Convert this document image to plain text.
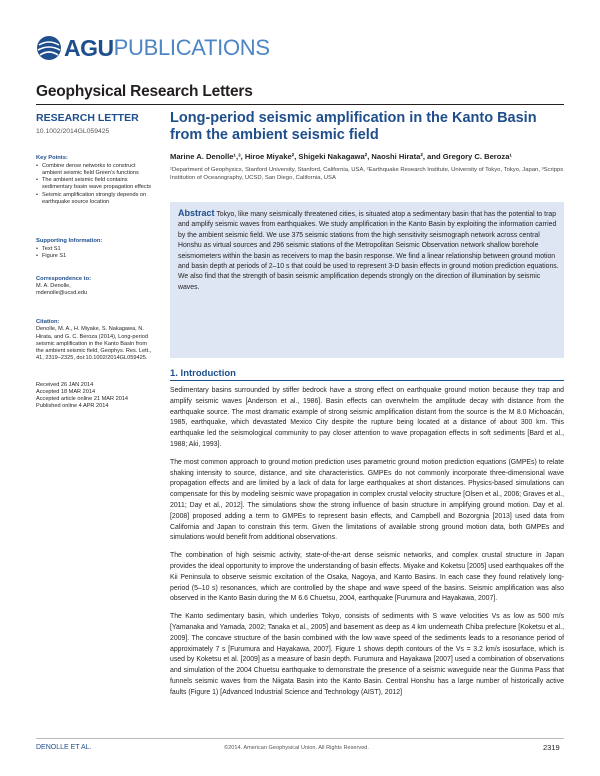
AGU PUBLICATIONS
Geophysical Research Letters
RESEARCH LETTER
10.1002/2014GL059425
Key Points:
• Combine dense networks to construct ambient seismic field Green's functions
• The ambient seismic field contains sedimentary basin wave propagation effects
• Seismic amplification strongly depends on earthquake source location
Supporting Information:
• Text S1
• Figure S1
Correspondence to:

M. A. Denolle,

mdenolle@ucsd.edu

Citation:

Denolle, M. A., H. Miyake, S. Nakagawa, N. Hirata, and G. C. Beroza (2014), Long-period seismic amplification in the Kanto Basin from the ambient seismic field, Geophys. Res. Lett., 41, 2319–2325, doi:10.1002/2014GL059425.

Received 26 JAN 2014

Accepted 18 MAR 2014

Accepted article online 21 MAR 2014

Published online 4 APR 2014

Long-period seismic amplification in the Kanto Basin from the ambient seismic field
Marine A. Denolle¹,³, Hiroe Miyake², Shigeki Nakagawa², Naoshi Hirata², and Gregory C. Beroza¹
¹Department of Geophysics, Stanford University, Stanford, California, USA, ²Earthquake Research Institute, University of Tokyo, Tokyo, Japan, ³Scripps Institution of Oceanography, UCSD, San Diego, California, USA
Abstract Tokyo, like many seismically threatened cities, is situated atop a sedimentary basin that has the potential to trap and amplify seismic waves from earthquakes. We study amplification in the Kanto Basin by exploiting the information carried by the ambient seismic field. We use 375 seismic stations from the high sensitivity seismograph network across central Honshu as virtual sources and 296 seismic stations of the Metropolitan Seismic Observation network shallow borehole seismometers within the basin as receivers to map the basin response. We find a linear relationship between ground motion and basin depth at periods of 2–10 s that could be used to represent 3-D basin effects in ground motion prediction equations. We also find that the strength of basin seismic amplification depends strongly on the direction of illumination by seismic waves.
1. Introduction

Sedimentary basins surrounded by stiffer bedrock have a strong effect on earthquake ground motion because they trap and amplify seismic waves [Anderson et al., 1986]. Basin effects can overwhelm the amplitude decay with distance from the earthquake source. The most dramatic example of strong seismic amplification distant from the source is the M 8.0 Michoacán, 1985, earthquake, which devastated Mexico City despite the rupture being located at a distance of about 300 km. This earthquake led the seismological community to pay closer attention to wave propagation effects in soft sediments [Bard et al., 1988; Aki, 1993].

The most common approach to ground motion prediction uses parametric ground motion prediction equations (GMPEs) to relate shaking intensity to source, distance, and site characteristics. GMPEs do not commonly incorporate three-dimensional wave propagation effects and are limited by a lack of data for large earthquakes at short distances. Physics-based simulations can compensate for this by modeling seismic wave propagation in complex crustal velocity structure [Olsen et al., 2006; Graves et al., 2011; Day et al., 2012]. The simulations show the strong influence of basin structure in amplifying ground motion. Day et al. [2008] proposed adding a term to GMPEs to represent basin effects, and Campbell and Bozorgnia [2013] used data from California and Japan to constrain this term. Given the limitations of available strong ground motion data, both GMPEs and simulations would benefit from additional observations.

The combination of high seismic activity, state-of-the-art dense seismic networks, and complex crustal structure in Japan provides the ideal opportunity to improve the understanding of basin effects. Miyake and Koketsu [2005] used earthquakes off the Kii Peninsula to observe seismic excitation of the Osaka, Nagoya, and Kanto Basins. In each case they found relatively long-period (5–10 s) resonances, which are controlled by the shape and wave speed of the basins. Seismic amplification was also observed in the Kanto Basin during the M 6.6 Chuetsu, 2004, earthquake [Furumura and Hayakawa, 2007].

The Kanto sedimentary basin, which underlies Tokyo, consists of sediments with S wave velocities Vs as low as 500 m/s [Yamanaka and Yamada, 2002; Tanaka et al., 2005] and basement as deep as 4 km underneath Chiba prefecture [Koketsu et al., 2009]. The concave structure of the basin combined with the low wave speed of the sediments leads to a resonance period of approximately 7 s [Furumura and Hayakawa, 2007]. Figure 1 shows depth contours of the Vs = 3.2 km/s isosurface, which is used by Koketsu et al. [2009] as a measure of basin depth. Furumura and Hayakawa [2007] used a combination of observations and simulation of the 2004 Chuetsu earthquake to demonstrate the presence of a seismic waveguide near the Gunma Pass that funnels seismic waves from the Niigata Basin into the Kanto Basin. Central Honshu has a large number of historically active faults (Figure 1) [Advanced Industrial Science and Technology (AIST), 2012]

DENOLLE ET AL.	©2014. American Geophysical Union. All Rights Reserved.	2319
